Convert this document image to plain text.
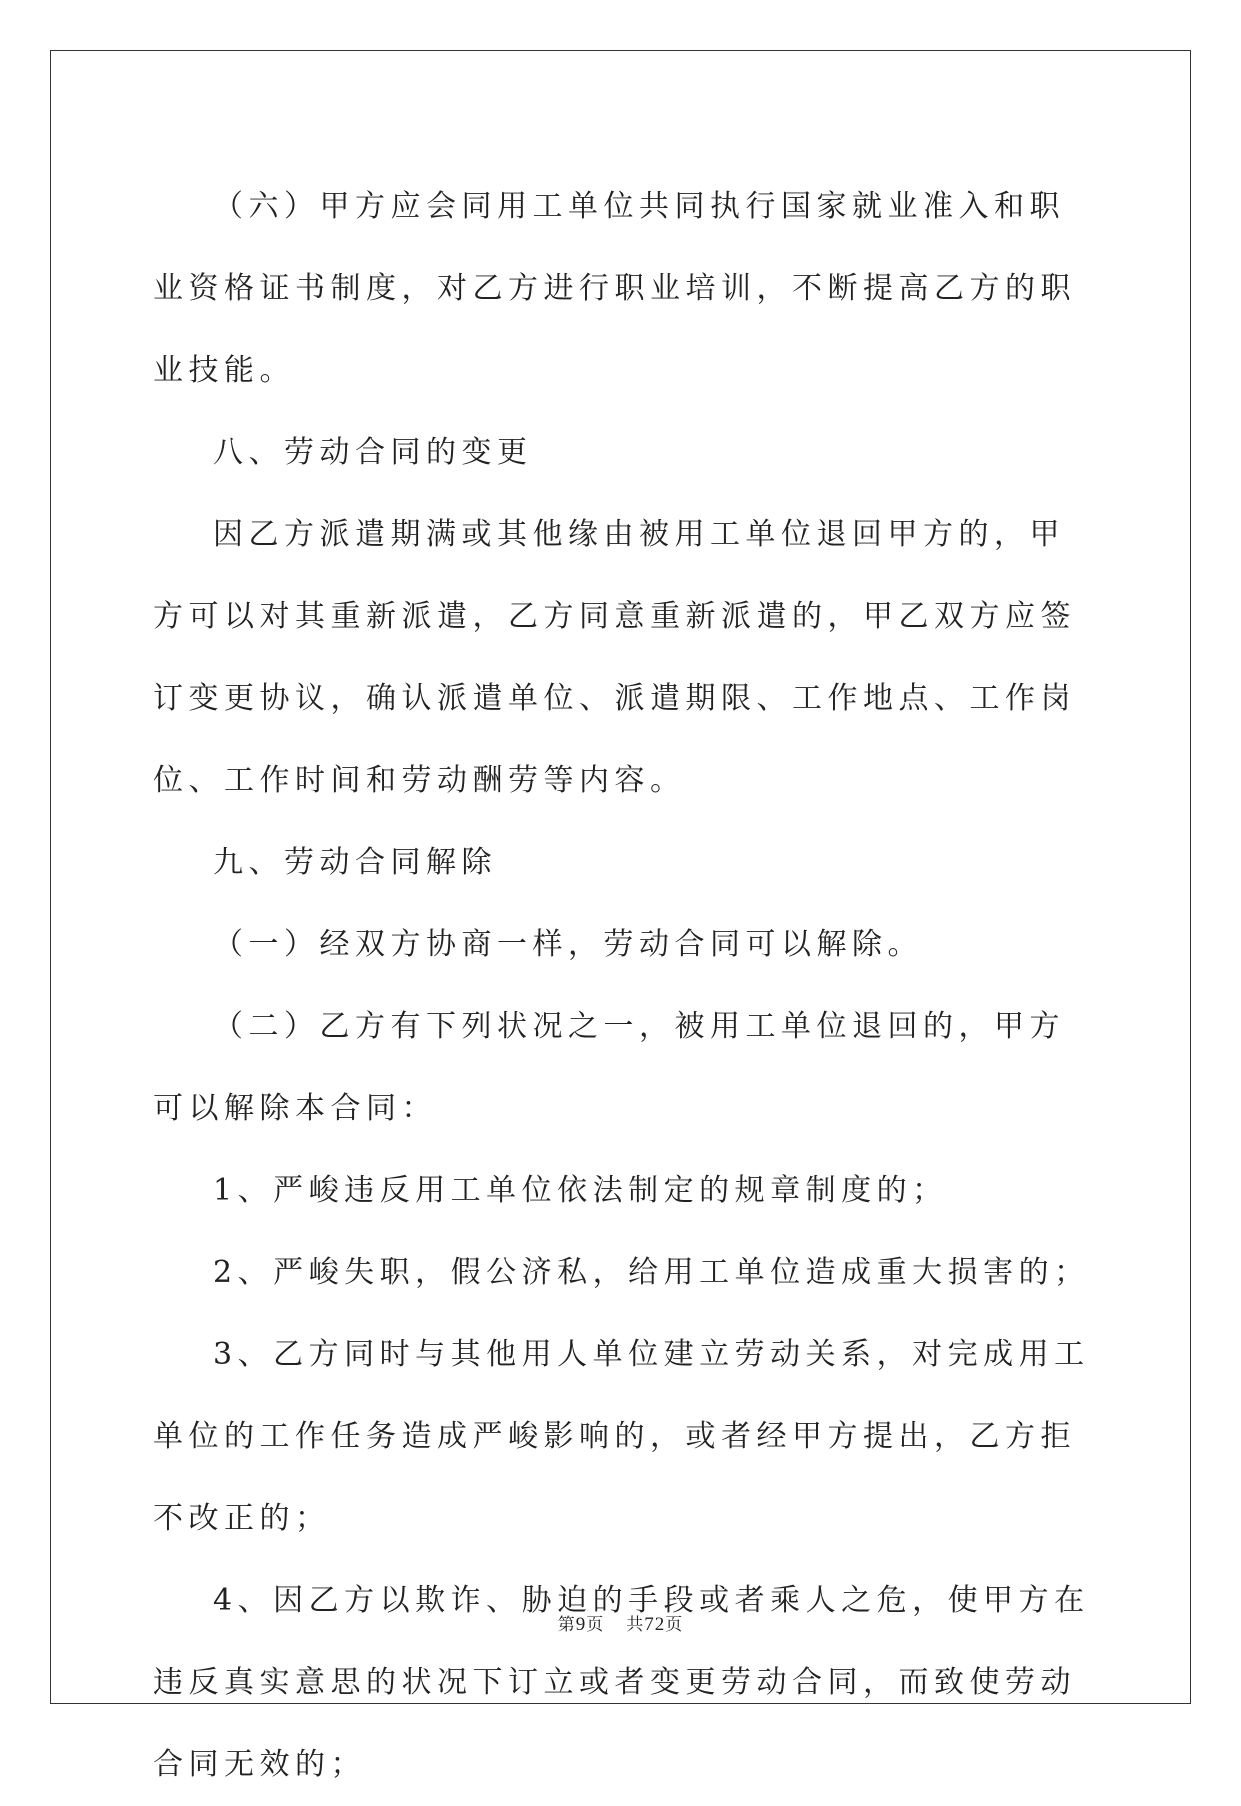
（六）甲方应会同用工单位共同执行国家就业准入和职业资格证书制度，对乙方进行职业培训，不断提高乙方的职业技能。

八、劳动合同的变更

因乙方派遣期满或其他缘由被用工单位退回甲方的，甲方可以对其重新派遣，乙方同意重新派遣的，甲乙双方应签订变更协议，确认派遣单位、派遣期限、工作地点、工作岗位、工作时间和劳动酬劳等内容。

九、劳动合同解除

（一）经双方协商一样，劳动合同可以解除。

（二）乙方有下列状况之一，被用工单位退回的，甲方可以解除本合同：

1、严峻违反用工单位依法制定的规章制度的；

2、严峻失职，假公济私，给用工单位造成重大损害的；

3、乙方同时与其他用人单位建立劳动关系，对完成用工单位的工作任务造成严峻影响的，或者经甲方提出，乙方拒不改正的；

4、因乙方以欺诈、胁迫的手段或者乘人之危，使甲方在违反真实意思的状况下订立或者变更劳动合同，而致使劳动合同无效的；

第9页 共72页
